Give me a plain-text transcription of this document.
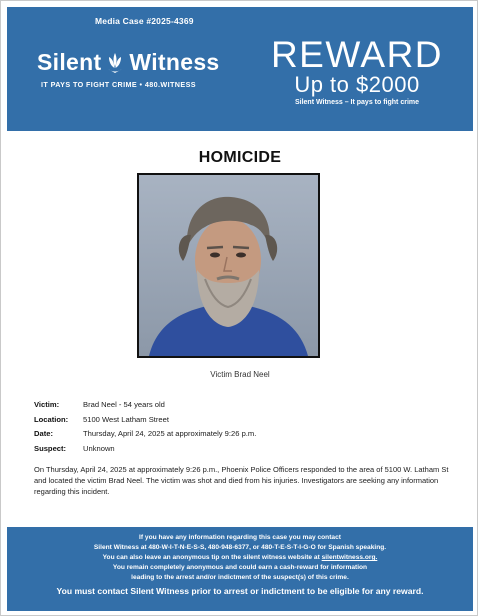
Media Case #2025-4369
Silent Witness
IT PAYS TO FIGHT CRIME • 480.WITNESS
REWARD
Up to $2000
Silent Witness – It pays to fight crime
HOMICIDE
Victim Brad Neel
Victim:	Brad Neel - 54 years old
Location:	5100 West Latham Street
Date:	Thursday, April 24, 2025 at approximately 9:26 p.m.
Suspect:	Unknown
On Thursday, April 24, 2025 at approximately 9:26 p.m., Phoenix Police Officers responded to the area of 5100 W. Latham St and located the victim Brad Neel. The victim was shot and died from his injuries. Investigators are seeking any information regarding this incident.
If you have any information regarding this case you may contact
Silent Witness at 480-W-I-T-N-E-S-S, 480-948-6377, or 480-T-E-S-T-I-G-O for Spanish speaking.
You can also leave an anonymous tip on the silent witness website at silentwitness.org.
You remain completely anonymous and could earn a cash-reward for information
leading to the arrest and/or indictment of the suspect(s) of this crime.
You must contact Silent Witness prior to arrest or indictment to be eligible for any reward.
